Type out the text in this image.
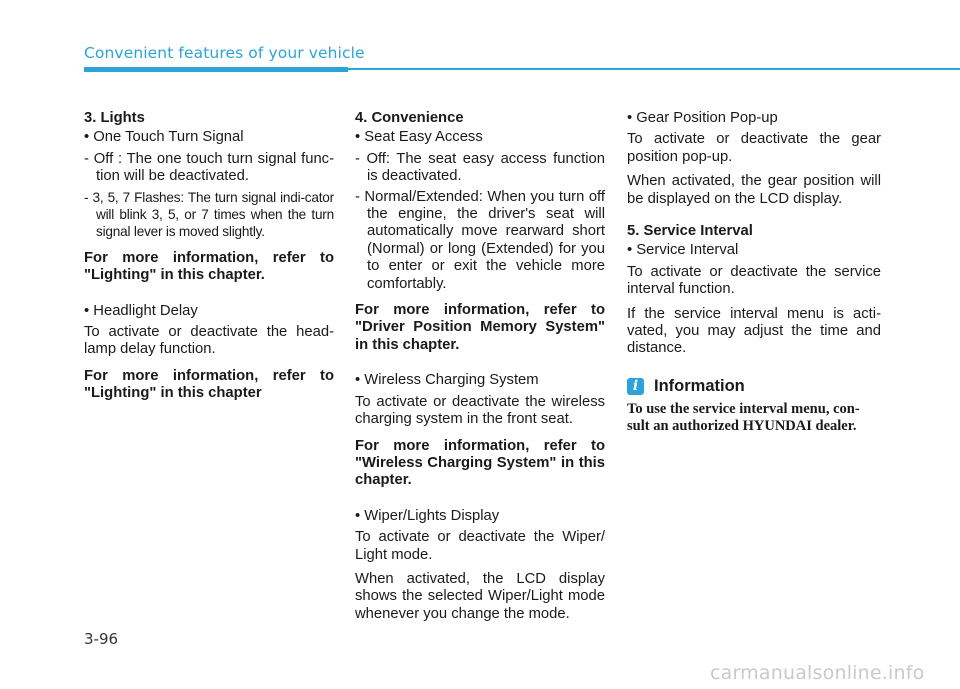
Convenient features of your vehicle
3. Lights
• One Touch Turn Signal
- Off : The one touch turn signal func-tion will be deactivated.
- 3, 5, 7 Flashes: The turn signal indi-cator will blink 3, 5, or 7 times when the turn signal lever is moved slightly.
For more information, refer to "Lighting" in this chapter.
• Headlight Delay

To activate or deactivate the head-lamp delay function.

For more information, refer to "Lighting" in this chapter
4. Convenience
• Seat Easy Access
- Off: The seat easy access function is deactivated.
- Normal/Extended: When you turn off the engine, the driver's seat will automatically move rearward short (Normal) or long (Extended) for you to enter or exit the vehicle more comfortably.
For more information, refer to "Driver Position Memory System" in this chapter.
• Wireless Charging System

To activate or deactivate the wireless charging system in the front seat.

For more information, refer to "Wireless Charging System" in this chapter.
• Wiper/Lights Display

To activate or deactivate the Wiper/ Light mode.

When activated, the LCD display shows the selected Wiper/Light mode whenever you change the mode.

• Gear Position Pop-up

To activate or deactivate the gear position pop-up.

When activated, the gear position will be displayed on the LCD display.

5. Service Interval
• Service Interval

To activate or deactivate the service interval function.

If the service interval menu is acti-vated, you may adjust the time and distance.

i Information
To use the service interval menu, con-sult an authorized HYUNDAI dealer.
3-96
carmanualsonline.info
